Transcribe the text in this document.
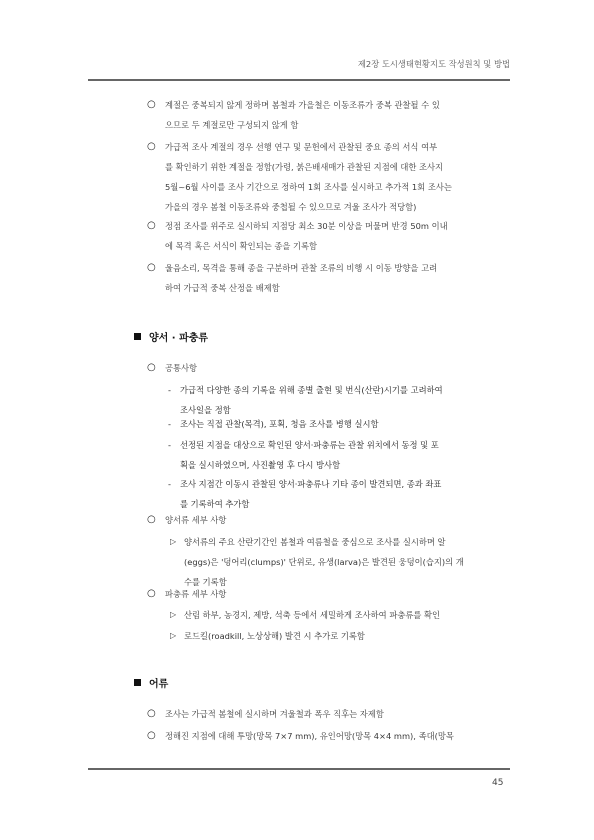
제2장 도시생태현황지도 작성원칙 및 방법
○ 계절은 중복되지 않게 정하며 봄철과 가을철은 이동조류가 중복 관찰될 수 있
으므로 두 계절로만 구성되지 않게 함
○ 가급적 조사 계절의 경우 선행 연구 및 문헌에서 관찰된 중요 종의 서식 여부
를 확인하기 위한 계절을 정함(가령, 붉은배새매가 관찰된 지점에 대한 조사지
5월~6월 사이를 조사 기간으로 정하여 1회 조사를 실시하고 추가적 1회 조사는
가을의 경우 봄철 이동조류와 중첩될 수 있으므로 겨울 조사가 적당함)
○ 정점 조사를 위주로 실시하되 지점당 최소 30분 이상을 머물며 반경 50m 이내
에 목격 혹은 서식이 확인되는 종을 기록함
○ 울음소리, 목격을 통해 종을 구분하며 관찰 조류의 비행 시 이동 방향을 고려
하여 가급적 중복 산정을 배제함
양서 · 파충류
○ 공통사항
- 가급적 다양한 종의 기록을 위해 종별 출현 및 번식(산란)시기를 고려하여
조사일을 정함
- 조사는 직접 관찰(목격), 포획, 청음 조사를 병행 실시함
- 선정된 지점을 대상으로 확인된 양서·파충류는 관찰 위치에서 동정 및 포
획을 실시하였으며, 사진촬영 후 다시 방사함
- 조사 지점간 이동시 관찰된 양서·파충류나 기타 종이 발견되면, 종과 좌표
를 기록하여 추가함
○ 양서류 세부 사항
▷ 양서류의 주요 산란기간인 봄철과 여름철을 중심으로 조사를 실시하며 알
(eggs)은 '덩어리(clumps)' 단위로, 유생(larva)은 발견된 웅덩이(습지)의 개
수를 기록함
○ 파충류 세부 사항
▷ 산림 하부, 농경지, 제방, 석축 등에서 세밀하게 조사하여 파충류를 확인
▷ 로드킬(roadkill, 노상상해) 발견 시 추가로 기록함
어류
○ 조사는 가급적 봄철에 실시하며 겨울철과 폭우 직후는 자제함
○ 정해진 지점에 대해 투망(망목 7×7 mm), 유인어망(망목 4×4 mm), 족대(망목
45
